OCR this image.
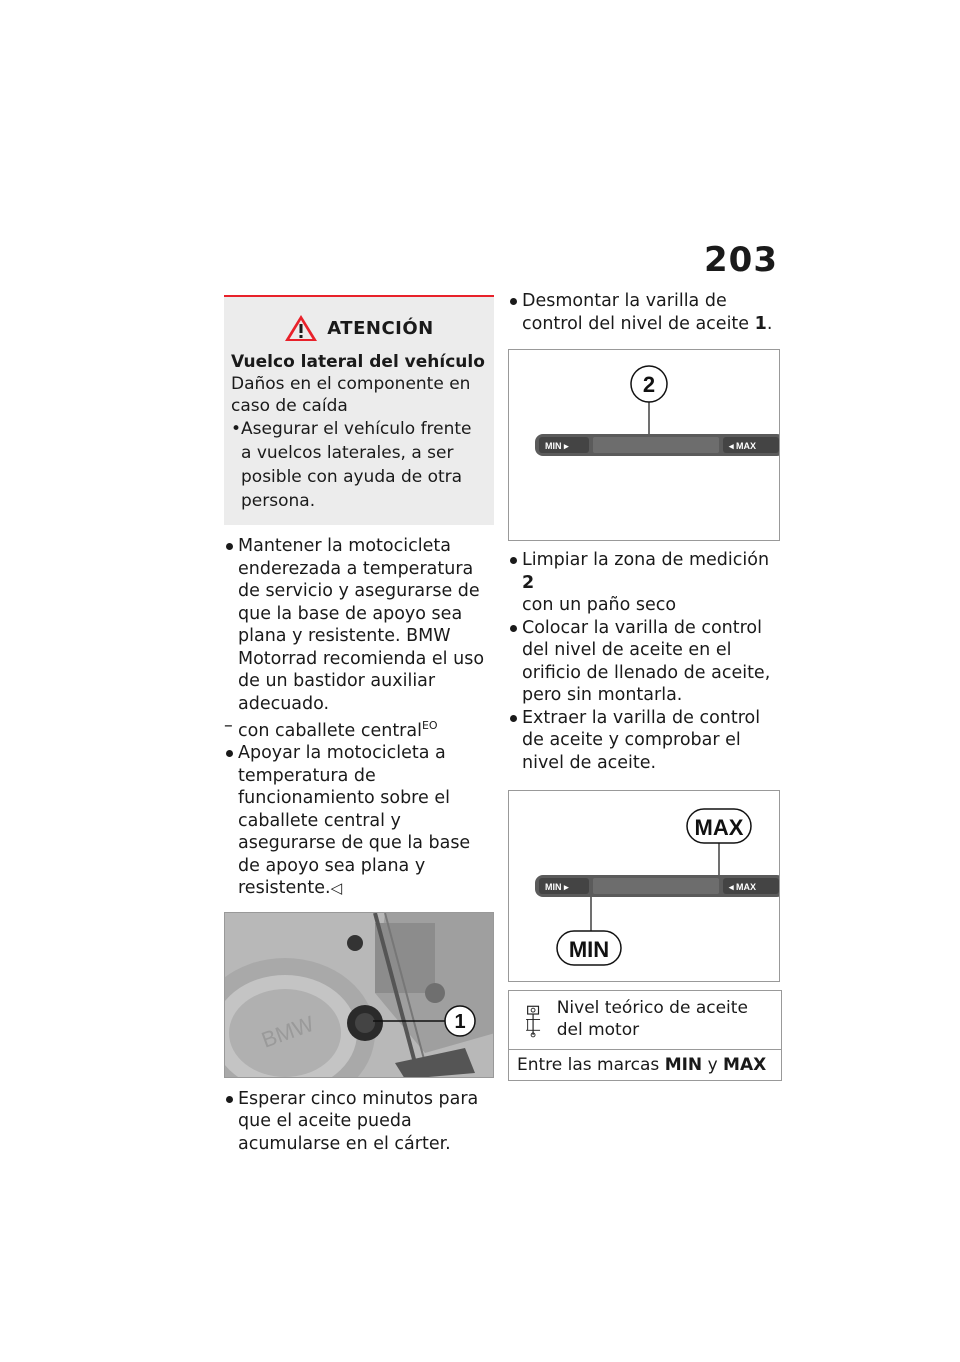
203
ATENCIÓN
Vuelco lateral del vehículo
Daños en el componente en caso de caída
• Asegurar el vehículo frente a vuelcos laterales, a ser posible con ayuda de otra persona.
Mantener la motocicleta enderezada a temperatura de servicio y asegurarse de que la base de apoyo sea plana y resistente. BMW Motorrad recomienda el uso de un bastidor auxiliar adecuado.
– con caballete central$^{EO}$
Apoyar la motocicleta a temperatura de funcionamiento sobre el caballete central y asegurarse de que la base de apoyo sea plana y resistente.◁
1
BMW
Esperar cinco minutos para que el aceite pueda acumularse en el cárter.
Desmontar la varilla de control del nivel de aceite 1.
2
MIN ▸	◂ MAX
Limpiar la zona de medición 2
con un paño seco
Colocar la varilla de control del nivel de aceite en el orificio de llenado de aceite, pero sin montarla.
Extraer la varilla de control de aceite y comprobar el nivel de aceite.
MAX
MIN ▸	◂ MAX
MIN
Nivel teórico de aceite del motor
Entre las marcas MIN y MAX
